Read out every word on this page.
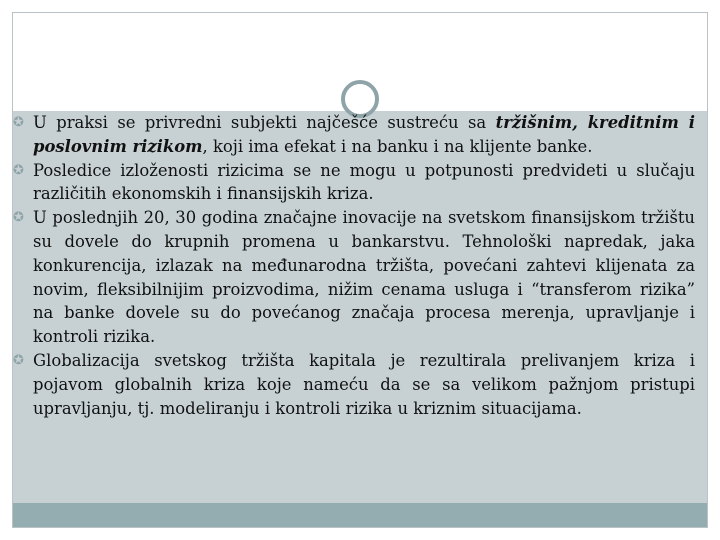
✪ U praksi se privredni subjekti najčešće sustreću sa tržišnim, kreditnim i poslovnim rizikom, koji ima efekat i na banku i na klijente banke.
✪ Posledice izloženosti rizicima se ne mogu u potpunosti predvideti u slučaju različitih ekonomskih i finansijskih kriza.
✪ U poslednjih 20, 30 godina značajne inovacije na svetskom finansijskom tržištu su dovele do krupnih promena u bankarstvu. Tehnološki napredak, jaka konkurencija, izlazak na međunarodna tržišta, povećani zahtevi klijenata za novim, fleksibilnijim proizvodima, nižim cenama usluga i “transferom rizika” na banke dovele su do povećanog značaja procesa merenja, upravljanje i kontroli rizika.
✪ Globalizacija svetskog tržišta kapitala je rezultirala prelivanjem kriza i pojavom globalnih kriza koje nameću da se sa velikom pažnjom pristupi upravljanju, tj. modeliranju i kontroli rizika u kriznim situacijama.
